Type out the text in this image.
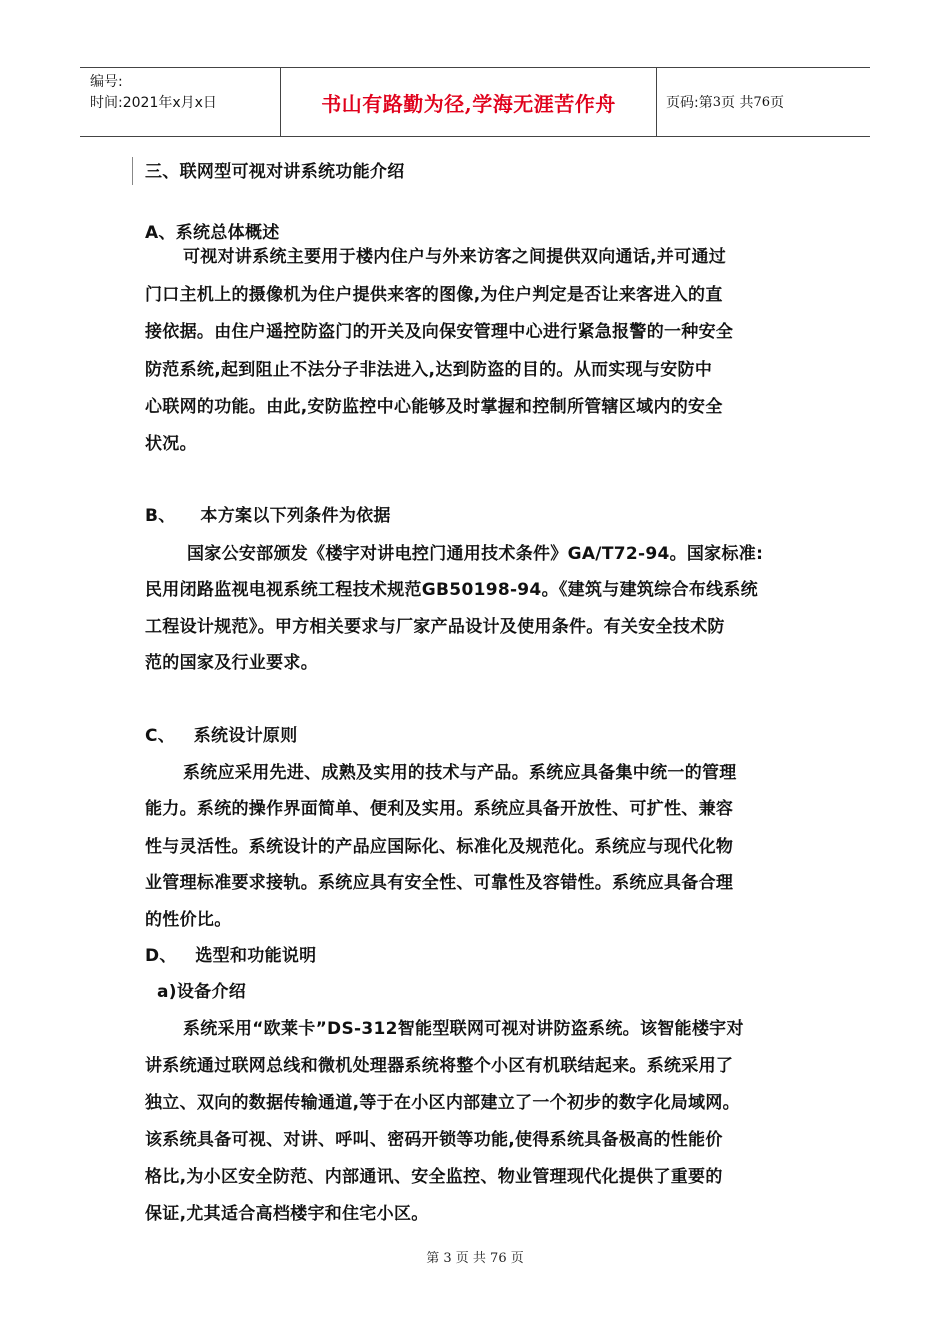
编号:
时间:2021年x月x日	书山有路勤为径,学海无涯苦作舟	页码:第 3 页 共 76 页
三、联网型可视对讲系统功能介绍
A、系统总体概述
可视对讲系统主要用于楼内住户与外来访客之间提供双向通话,并可通过
门口主机上的摄像机为住户提供来客的图像,为住户判定是否让来客进入的直
接依据。由住户遥控防盗门的开关及向保安管理中心进行紧急报警的一种安全
防范系统,起到阻止不法分子非法进入,达到防盗的目的。从而实现与安防中
心联网的功能。由此,安防监控中心能够及时掌握和控制所管辖区域内的安全
状况。
B、    本方案以下列条件为依据
国家公安部颁发《楼宇对讲电控门通用技术条件》GA/T72-94。国家标准:
民用闭路监视电视系统工程技术规范GB50198-94。《建筑与建筑综合布线系统
工程设计规范》。甲方相关要求与厂家产品设计及使用条件。有关安全技术防
范的国家及行业要求。
C、   系统设计原则
系统应采用先进、成熟及实用的技术与产品。系统应具备集中统一的管理
能力。系统的操作界面简单、便利及实用。系统应具备开放性、可扩性、兼容
性与灵活性。系统设计的产品应国际化、标准化及规范化。系统应与现代化物
业管理标准要求接轨。系统应具有安全性、可靠性及容错性。系统应具备合理
的性价比。
D、   选型和功能说明
a)设备介绍
系统采用“欧莱卡”DS-312智能型联网可视对讲防盗系统。该智能楼宇对
讲系统通过联网总线和微机处理器系统将整个小区有机联结起来。系统采用了
独立、双向的数据传输通道,等于在小区内部建立了一个初步的数字化局域网。
该系统具备可视、对讲、呼叫、密码开锁等功能,使得系统具备极高的性能价
格比,为小区安全防范、内部通讯、安全监控、物业管理现代化提供了重要的
保证,尤其适合高档楼宇和住宅小区。
第 3 页 共 76 页
